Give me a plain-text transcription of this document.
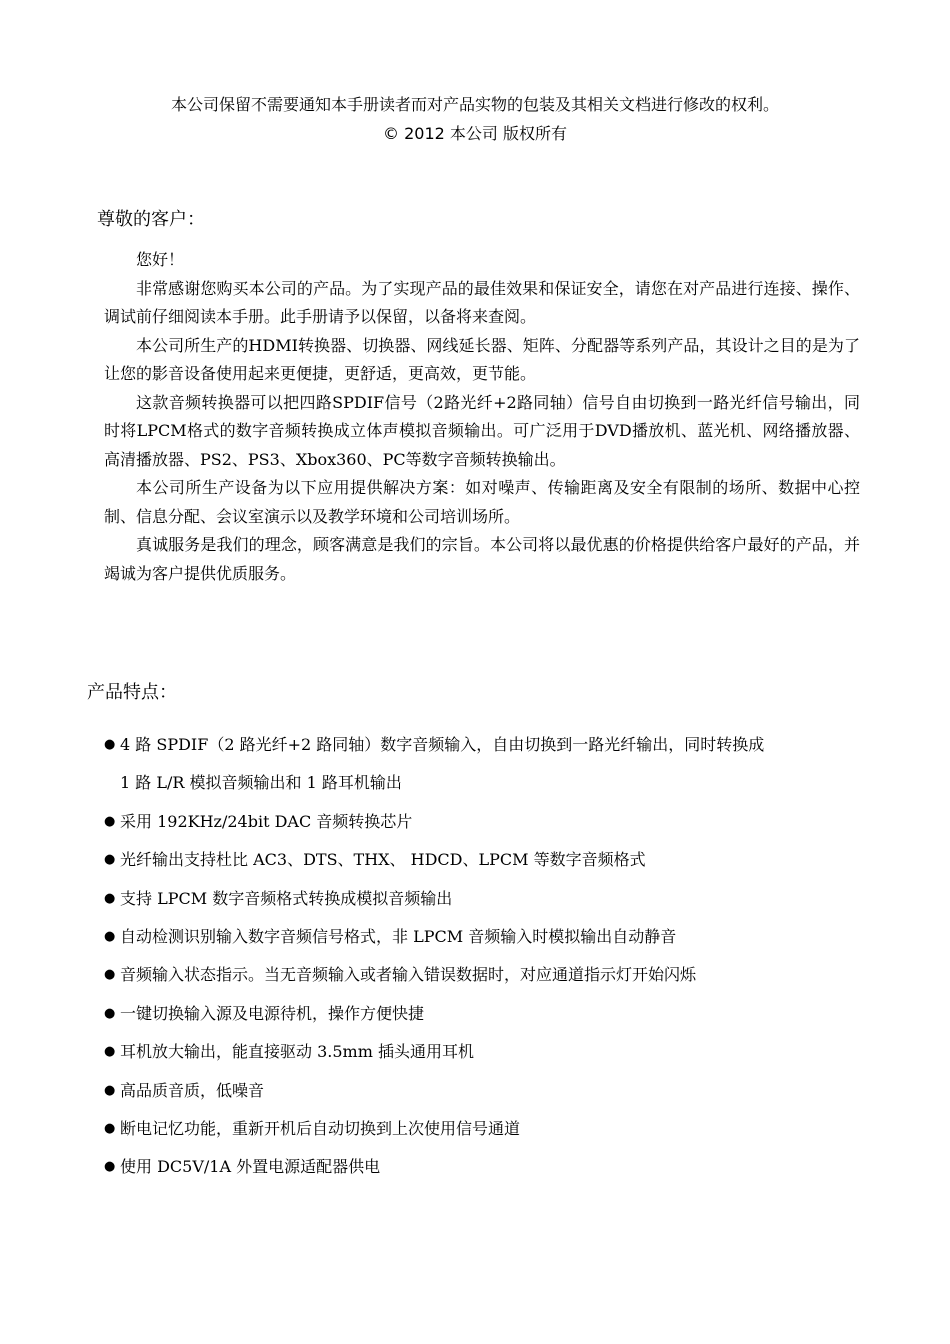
本公司保留不需要通知本手册读者而对产品实物的包装及其相关文档进行修改的权利。
© 2012 本公司 版权所有
尊敬的客户：

您好！

非常感谢您购买本公司的产品。为了实现产品的最佳效果和保证安全，请您在对产品进行连接、操作、调试前仔细阅读本手册。此手册请予以保留，以备将来查阅。

本公司所生产的HDMI转换器、切换器、网线延长器、矩阵、分配器等系列产品，其设计之目的是为了让您的影音设备使用起来更便捷，更舒适，更高效，更节能。

这款音频转换器可以把四路SPDIF信号（2路光纤+2路同轴）信号自由切换到一路光纤信号输出，同时将LPCM格式的数字音频转换成立体声模拟音频输出。可广泛用于DVD播放机、蓝光机、网络播放器、高清播放器、PS2、PS3、Xbox360、PC等数字音频转换输出。

本公司所生产设备为以下应用提供解决方案：如对噪声、传输距离及安全有限制的场所、数据中心控制、信息分配、会议室演示以及教学环境和公司培训场所。

真诚服务是我们的理念，顾客满意是我们的宗旨。本公司将以最优惠的价格提供给客户最好的产品，并竭诚为客户提供优质服务。

产品特点：
● 4 路 SPDIF（2 路光纤+2 路同轴）数字音频输入，自由切换到一路光纤输出，同时转换成
1 路 L/R 模拟音频输出和 1 路耳机输出
● 采用 192KHz/24bit DAC 音频转换芯片
● 光纤输出支持杜比 AC3、DTS、THX、 HDCD、LPCM 等数字音频格式
● 支持 LPCM 数字音频格式转换成模拟音频输出
● 自动检测识别输入数字音频信号格式，非 LPCM 音频输入时模拟输出自动静音
● 音频输入状态指示。当无音频输入或者输入错误数据时，对应通道指示灯开始闪烁
● 一键切换输入源及电源待机，操作方便快捷
● 耳机放大输出，能直接驱动 3.5mm 插头通用耳机
● 高品质音质，低噪音
● 断电记忆功能，重新开机后自动切换到上次使用信号通道
● 使用 DC5V/1A 外置电源适配器供电
